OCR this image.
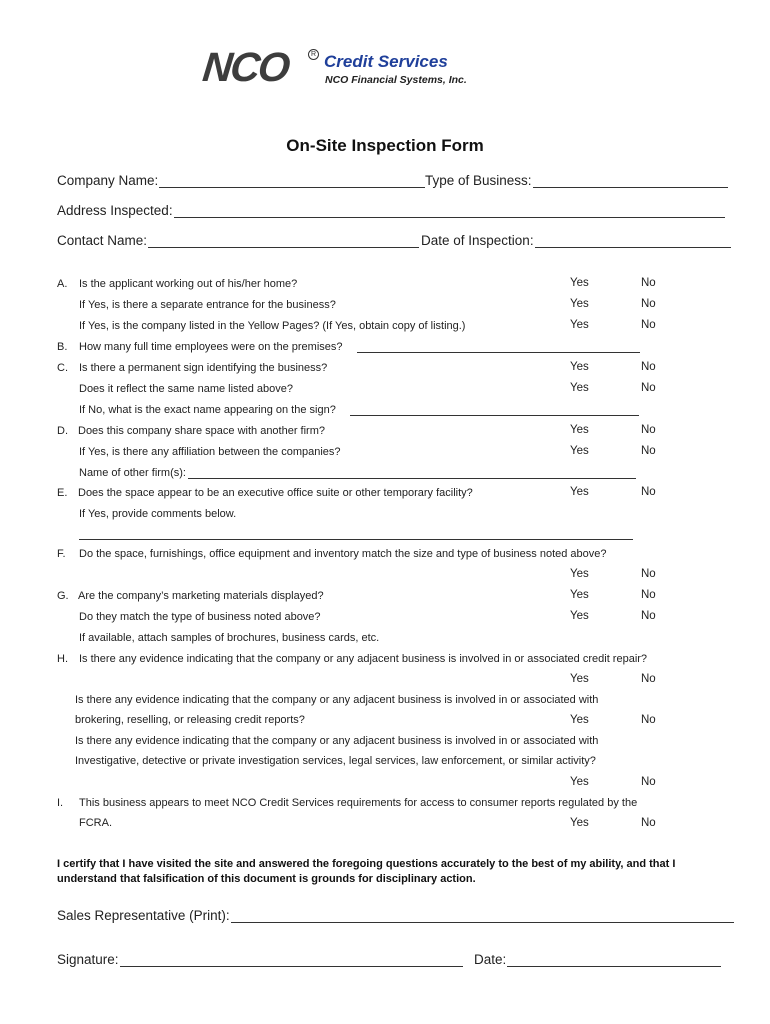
NCO	R Credit Services
NCO Financial Systems, Inc.
On-Site Inspection Form
Company Name:	Type of Business:
Address Inspected:
Contact Name:	Date of Inspection:
A. Is the applicant working out of his/her home?	Yes	No
If Yes, is there a separate entrance for the business?	Yes	No
If Yes, is the company listed in the Yellow Pages? (If Yes, obtain copy of listing.)	Yes	No
B. How many full time employees were on the premises?
C. Is there a permanent sign identifying the business?	Yes	No
Does it reflect the same name listed above?	Yes	No
If No, what is the exact name appearing on the sign?
D. Does this company share space with another firm?	Yes	No
If Yes, is there any affiliation between the companies?	Yes	No
Name of other firm(s):
E. Does the space appear to be an executive office suite or other temporary facility?	Yes	No
If Yes, provide comments below.
F. Do the space, furnishings, office equipment and inventory match the size and type of business noted above?
Yes	No
G. Are the company’s marketing materials displayed?	Yes	No
Do they match the type of business noted above?	Yes	No
If available, attach samples of brochures, business cards, etc.
H. Is there any evidence indicating that the company or any adjacent business is involved in or associated credit repair?
Yes	No
Is there any evidence indicating that the company or any adjacent business is involved in or associated with
brokering, reselling, or releasing credit reports?	Yes	No
Is there any evidence indicating that the company or any adjacent business is involved in or associated with
Investigative, detective or private investigation services, legal services, law enforcement, or similar activity?
Yes	No
I. This business appears to meet NCO Credit Services requirements for access to consumer reports regulated by the
FCRA.	Yes	No
I certify that I have visited the site and answered the foregoing questions accurately to the best of my ability, and that I understand that falsification of this document is grounds for disciplinary action.
Sales Representative (Print):
Signature:	Date:
